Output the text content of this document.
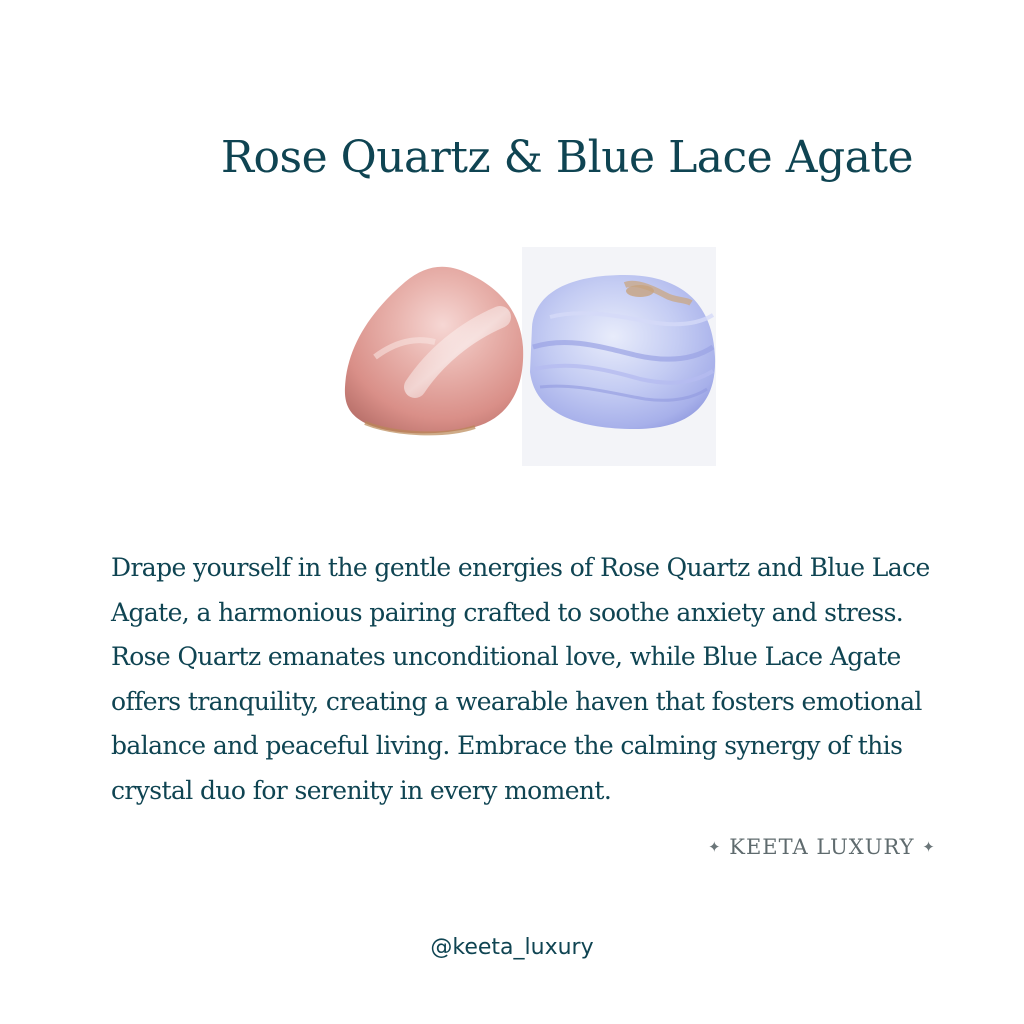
Rose Quartz & Blue Lace Agate

Drape yourself in the gentle energies of Rose Quartz and Blue Lace Agate, a harmonious pairing crafted to soothe anxiety and stress. Rose Quartz emanates unconditional love, while Blue Lace Agate offers tranquility, creating a wearable haven that fosters emotional balance and peaceful living. Embrace the calming synergy of this crystal duo for serenity in every moment.

✦ KEETA LUXURY ✦
@keeta_luxury
